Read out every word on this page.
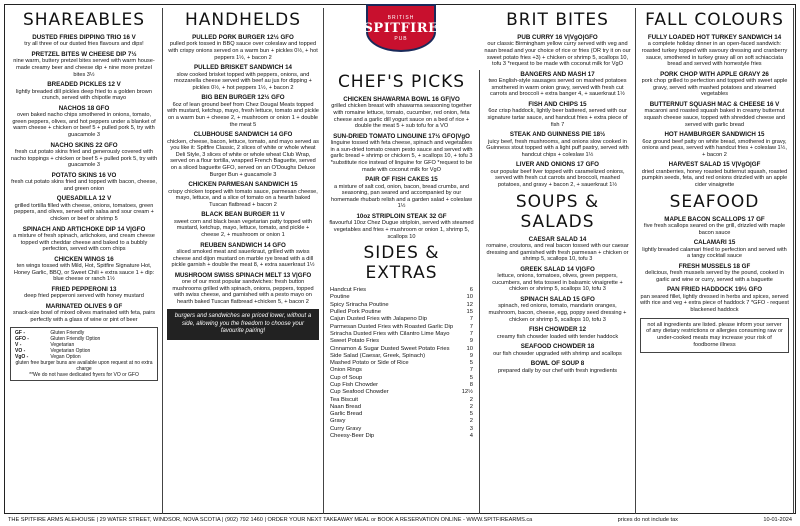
BRITISH
SPITFIRE
PUB
SHAREABLES
DUSTED FRIES DIPPING TRIO 16 V
try all three of our dusted fries flavours and dips!
PRETZEL BITES W CHEESE DIP 7½
nine warm, buttery pretzel bites served with warm house-made creamy beer and cheese dip + nine more pretzel bites 3½
BREADED PICKLES 12 V
lightly breaded dill pickles deep fried to a golden brown crunch, served with chipotle mayo
NACHOS 18 GFO
oven baked nacho chips smothered in onions, tomato, green peppers, olives, and hot peppers under a blanket of warm cheese + chicken or beef 5 + pulled pork 5, try with guacamole 3
NACHO SKINS 22 GFO
fresh cut potato skins fried and generously covered with nacho toppings + chicken or beef 5 + pulled pork 5, try with guacamole 3
POTATO SKINS 16 VO
fresh cut potato skins fried and topped with bacon, cheese, and green onion
QUESADILLA 12 V
grilled tortilla filled with cheese, onions, tomatoes, green peppers, and olives, served with salsa and sour cream + chicken or beef or shrimp 5
SPINACH AND ARTICHOKE DIP 14 V|GFO
a mixture of fresh spinach, artichokes, and cream cheese topped with cheddar cheese and baked to a bubbly perfection, served with corn chips
CHICKEN WINGS 16
ten wings tossed with Mild, Hot, Spitfire Signature Hot, Honey Garlic, BBQ, or Sweet Chili + extra sauce 1 + dip: blue cheese or ranch 1½
FRIED PEPPERONI 13
deep fried pepperoni served with honey mustard
MARINATED OLIVES 9 GF
snack-size bowl of mixed olives marinated with feta, pairs perfectly with a glass of wine or pint of beer
GF -	Gluten Friendly
GFO -	Gluten Friendly Option
V -	Vegetarian
VO -	Vegetarian Option
VgO -	Vegan Option
gluten free burger buns are available upon request at no extra charge
**We do not have dedicated fryers for VO or GFO
HANDHELDS
PULLED PORK BURGER 12½ GFO
pulled pork tossed in BBQ sauce over coleslaw and topped with crispy onions served on a warm bun + pickles 0½, + hot peppers 1½, + bacon 2
PULLED BRISKET SANDWICH 14
slow cooked brisket topped with peppers, onions, and mozzarella cheese served with beef au jus for dipping + pickles 0½, + hot peppers 1½, + bacon 2
BIG BEN BURGER 12½ GFO
6oz of lean ground beef from Chez Dougal Meats topped with mustard, ketchup, mayo, fresh lettuce, tomato and pickle on a warm bun + cheese 2, + mushroom or onion 1 + double the meat 5
CLUBHOUSE SANDWICH 14 GFO
chicken, cheese, bacon, lettuce, tomato, and mayo served as you like it: Spitfire Classic, 2 slices of white or whole wheat Deli Style, 3 slices of white or whole wheat Club Wrap, served on a flour tortilla, wrapped French Baguette, served on a sliced baguette GFO, served on an O'Doughs Deluxe Burger Bun + guacamole 3
CHICKEN PARMESAN SANDWICH 15
crispy chicken topped with tomato sauce, parmesan cheese, mayo, lettuce, and a slice of tomato on a hearth baked Tuscan flatbread + bacon 2
BLACK BEAN BURGER 11 V
sweet corn and black bean vegetarian patty topped with mustard, ketchup, mayo, lettuce, tomato, and pickle + cheese 2, + mushroom or onion 1
REUBEN SANDWICH 14 GFO
sliced smoked meat and sauerkraut, grilled with swiss cheese and dijon mustard on marble rye bread with a dill pickle garnish + double the meat 8, + extra sauerkraut 1½
MUSHROOM SWISS SPINACH MELT 13 V|GFO
one of our most popular sandwiches: fresh button mushrooms grilled with spinach, onions, peppers, topped with swiss cheese, and garnished with a pesto mayo on hearth baked Tuscan flatbread +chicken 5, + bacon 2
burgers and sandwiches are priced lower, without a side, allowing you the freedom to choose your favourite pairing!
CHEF'S PICKS
CHICKEN SHAWARMA BOWL 16 GF|VO
grilled chicken breast with shawarma seasoning together with romaine lettuce, tomato, cucumber, red onion, feta cheese and a garlic dill yogurt sauce on a bed of rice + double the meat 5 + sub tofu for a VO
SUN-DRIED TOMATO LINGUINE 17½ GFO|VgO
linguine tossed with feta cheese, spinach and vegetables in a sun-dried tomato cream pesto sauce and served with garlic bread + shrimp or chicken 5, + scallops 10, + tofu 3 *substitute rice instead of linguine for GFO *request to be made with coconut milk for VgO
PAIR OF FISH CAKES 15
a mixture of salt cod, onion, bacon, bread crumbs, and seasoning, pan seared and accompanied by our homemade rhubarb relish and a garden salad + coleslaw 1½
10oz STRIPLOIN STEAK 32 GF
flavourful 10oz Chez Dugue striploin, served with steamed vegetables and fries + mushroom or onion 1, shrimp 5, scallops 10
SIDES & EXTRAS
Handcut Fries	6
Poutine	10
Spicy Sriracha Poutine	12
Pulled Pork Poutine	15
Cajun Dusted Fries with Jalapeno Dip	7
Parmesan Dusted Fries with Roasted Garlic Dip	7
Sriracha Dusted Fries with Cilantro Lime Mayo	7
Sweet Potato Fries	9
Cinnamon & Sugar Dusted Sweet Potato Fries	10
Side Salad (Caesar, Greek, Spinach)	9
Mashed Potato or Side of Rice	5
Onion Rings	7
Cup of Soup	5
Cup Fish Chowder	8
Cup Seafood Chowder	12½
Tea Biscuit	2
Naan Bread	2
Garlic Bread	5
Gravy	2
Curry Gravy	3
Cheesy-Beer Dip	4
BRIT BITES
PUB CURRY 16 V|VgO|GFO
our classic Birmingham yellow curry served with veg and naan bread and your choice of rice or fries (OR try it on our sweet potato fries +3) + chicken or shrimp 5, scallops 10, tofu 3 *request to be made with coconut milk for VgO
BANGERS AND MASH 17
two English-style sausages served on mashed potatoes smothered in warm onion gravy, served with fresh cut carrots and broccoli + extra banger 4, + sauerkraut 1½
FISH AND CHIPS 15
6oz crisp haddock, lightly beer battered, served with our signature tartar sauce, and handcut fries + extra piece of fish 7
STEAK AND GUINNESS PIE 18½
juicy beef, fresh mushrooms, and onions slow cooked in Guinness stout topped with a light puff pastry, served with handcut chips + coleslaw 1½
LIVER AND ONIONS 17 GFO
our popular beef liver topped with caramelized onions, served with fresh cut carrots and broccoli, mashed potatoes, and gravy + bacon 2, + sauerkraut 1½
SOUPS & SALADS
CAESAR SALAD 14
romaine, croutons, and real bacon tossed with our caesar dressing and garnished with fresh parmesan + chicken or shrimp 5, scallops 10, tofu 3
GREEK SALAD 14 V|GFO
lettuce, onions, tomatoes, olives, green peppers, cucumbers, and feta tossed in balsamic vinaigrette + chicken or shrimp 5, scallops 10, tofu 3
SPINACH SALAD 15 GFO
spinach, red onions, tomato, mandarin oranges, mushroom, bacon, cheese, egg, poppy seed dressing + chicken or shrimp 5, scallops 10, tofu 3
FISH CHOWDER 12
creamy fish chowder loaded with tender haddock
SEAFOOD CHOWDER 18
our fish chowder upgraded with shrimp and scallops
BOWL OF SOUP 8
prepared daily by our chef with fresh ingredients
FALL COLOURS
FULLY LOADED HOT TURKEY SANDWICH 14
a complete holiday dinner in an open-faced sandwich: roasted turkey topped with savoury dressing and cranberry sauce, smothered in turkey gravy all on soft schiacciata bread and served with homestyle fries
PORK CHOP WITH APPLE GRAVY 26
pork chop grilled to perfection and topped with sweet apple gravy, served with mashed potatoes and steamed vegetables
BUTTERNUT SQUASH MAC & CHEESE 16 V
macaroni and roasted squash baked in creamy butternut squash cheese sauce, topped with shredded cheese and served with garlic bread
HOT HAMBURGER SANDWICH 15
6oz ground beef patty on white bread, smothered in gravy, onions and peas, served with handcut fries + coleslaw 1½, + bacon 2
HARVEST SALAD 15 V|VgO|GF
dried cranberries, honey roasted butternut squash, roasted pumpkin seeds, feta, and red onions drizzled with an apple cider vinaigrette
SEAFOOD
MAPLE BACON SCALLOPS 17 GF
five fresh scallops seared on the grill, drizzled with maple bacon sauce
CALAMARI 15
lightly breaded calamari fried to perfection and served with a tangy cocktail sauce
FRESH MUSSELS 18 GF
delicious, fresh mussels served by the pound, cooked in garlic and wine or curry, served with a baguette
PAN FRIED HADDOCK 19½ GFO
pan seared fillet, lightly dressed in herbs and spices, served with rice and veg + extra piece of haddock 7 *GFO - request blackened haddock
not all ingredients are listed. please inform your server of any dietary restrictions or allergies consuming raw or under-cooked meats may increase your risk of foodborne illness
THE SPITFIRE ARMS ALEHOUSE | 29 WATER STREET, WINDSOR, NOVA SCOTIA | (902) 792 1460 | ORDER YOUR NEXT TAKEAWAY MEAL or BOOK A RESERVATION ONLINE - WWW.SPITFIREARMS.ca	prices do not include tax	10-01-2024
